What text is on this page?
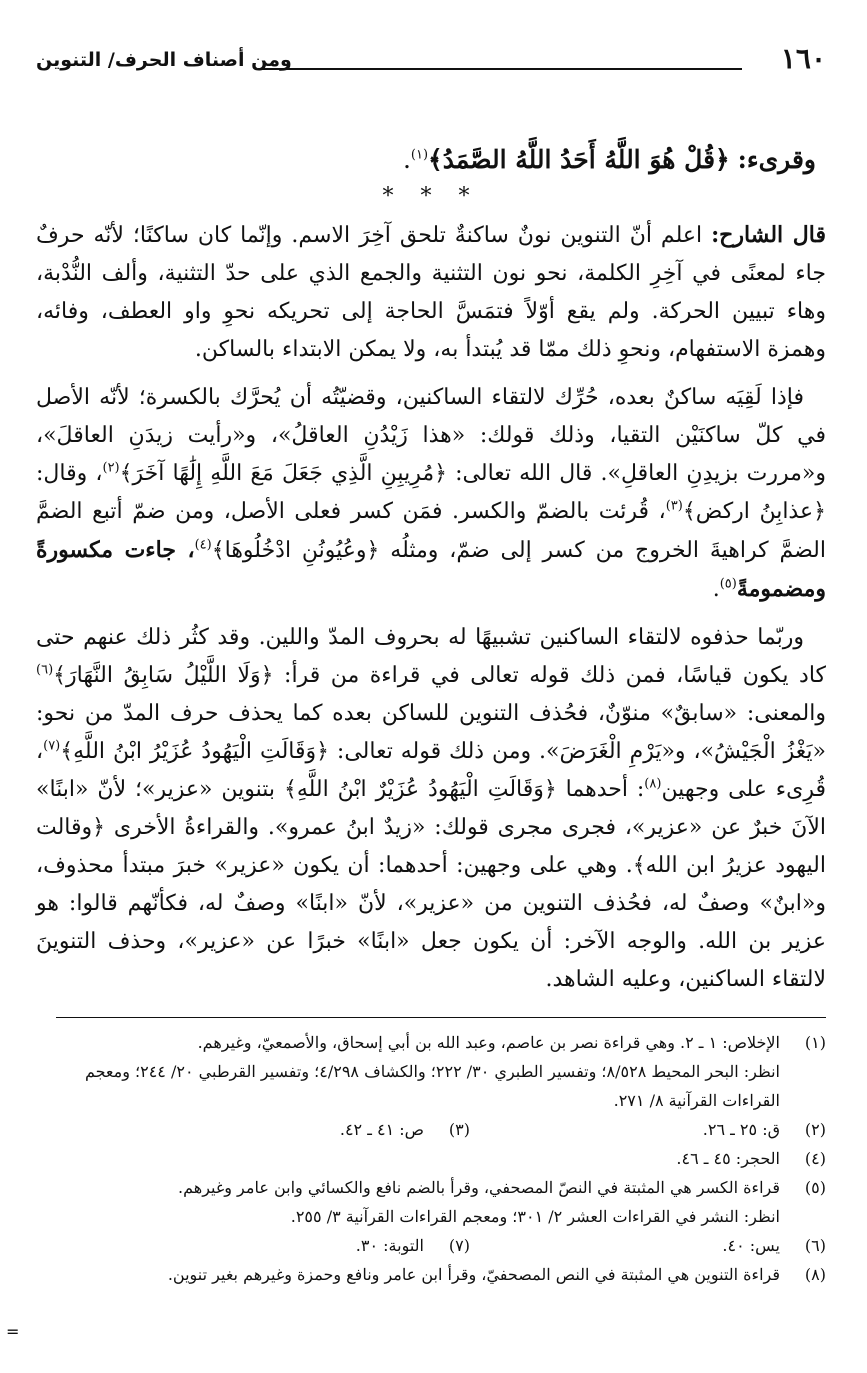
١٦٠
ومن أصناف الحرف/ التنوين
وقرىء: ﴿قُلْ هُوَ اللَّهُ أَحَدُ اللَّهُ الصَّمَدُ﴾$^{(١)}$.
* * *

قال الشارح: اعلم أنّ التنوين نونٌ ساكنةٌ تلحق آخِرَ الاسم. وإنّما كان ساكنًا؛ لأنّه حرفٌ جاء لمعنًى في آخِرِ الكلمة، نحو نون التثنية والجمع الذي على حدّ التثنية، وألف النُّدْبة، وهاء تبيين الحركة. ولم يقع أوّلاً فتمَسَّ الحاجة إلى تحريكه نحوِ واو العطف، وفائه، وهمزة الاستفهام، ونحوِ ذلك ممّا قد يُبتدأ به، ولا يمكن الابتداء بالساكن.

فإذا لَقِيَه ساكنٌ بعده، حُرِّك لالتقاء الساكنين، وقضيّتُه أن يُحرَّك بالكسرة؛ لأنّه الأصل في كلّ ساكنَيْن التقيا، وذلك قولك: «هذا زَيْدُنِ العاقلُ»، و«رأيت زيدَنِ العاقلَ»، و«مررت بزيدِنِ العاقلِ». قال الله تعالى: ﴿مُرِيبِنِ الَّذِي جَعَلَ مَعَ اللَّهِ إِلَٰهًا آخَرَ﴾$^{(٢)}$، وقال: ﴿عذابِنُ اركض﴾$^{(٣)}$، قُرئت بالضمّ والكسر. فمَن كسر فعلى الأصل، ومن ضمّ أتبع الضمَّ الضمَّ كراهيةَ الخروج من كسر إلى ضمّ، ومثلُه ﴿وعُيُونُنِ ادْخُلُوهَا﴾$^{(٤)}$، جاءت مكسورةً ومضمومةً$^{(٥)}$.

وربّما حذفوه لالتقاء الساكنين تشبيهًا له بحروف المدّ واللين. وقد كثُر ذلك عنهم حتى كاد يكون قياسًا، فمن ذلك قوله تعالى في قراءة من قرأ: ﴿وَلَا اللَّيْلُ سَابِقُ النَّهَارَ﴾$^{(٦)}$ والمعنى: «سابقٌ» منوّنٌ، فحُذف التنوين للساكن بعده كما يحذف حرف المدّ من نحو: «يَغْزُ الْجَيْشُ»، و«يَرْمِ الْغَرَضَ». ومن ذلك قوله تعالى: ﴿وَقَالَتِ الْيَهُودُ عُزَيْرُ ابْنُ اللَّهِ﴾$^{(٧)}$، قُرِىء على وجهين$^{(٨)}$: أحدهما ﴿وَقَالَتِ الْيَهُودُ عُزَيْرٌ ابْنُ اللَّهِ﴾ بتنوين «عزير»؛ لأنّ «ابنًا» الآنَ خبرٌ عن «عزير»، فجرى مجرى قولك: «زيدٌ ابنُ عمرو». والقراءةُ الأخرى ﴿وقالت اليهود عزيرُ ابن الله﴾. وهي على وجهين: أحدهما: أن يكون «عزير» خبرَ مبتدأ محذوف، و«ابنٌ» وصفٌ له، فحُذف التنوين من «عزير»، لأنّ «ابنًا» وصفٌ له، فكأنّهم قالوا: هو عزير بن الله. والوجه الآخر: أن يكون جعل «ابنًا» خبرًا عن «عزير»، وحذف التنوينَ لالتقاء الساكنين، وعليه الشاهد.

(١)
الإخلاص: ١ ـ ٢. وهي قراءة نصر بن عاصم، وعبد الله بن أبي إسحاق، والأصمعيّ، وغيرهم.
انظر: البحر المحيط ٨/٥٢٨؛ وتفسير الطبري ٣٠/ ٢٢٢؛ والكشاف ٤/٢٩٨؛ وتفسير القرطبي ٢٠/ ٢٤٤؛ ومعجم القراءات القرآنية ٨/ ٢٧١.
(٢)
ق: ٢٥ ـ ٢٦.
(٣)
ص: ٤١ ـ ٤٢.
(٤)
الحجر: ٤٥ ـ ٤٦.
(٥)
قراءة الكسر هي المثبتة في النصّ المصحفي، وقرأ بالضم نافع والكسائي وابن عامر وغيرهم.
انظر: النشر في القراءات العشر ٢/ ٣٠١؛ ومعجم القراءات القرآنية ٣/ ٢٥٥.
(٦)
يس: ٤٠.
(٧)
التوبة: ٣٠.
(٨)
قراءة التنوين هي المثبتة في النص المصحفيّ، وقرأ ابن عامر ونافع وحمزة وغيرهم بغير تنوين.
=
